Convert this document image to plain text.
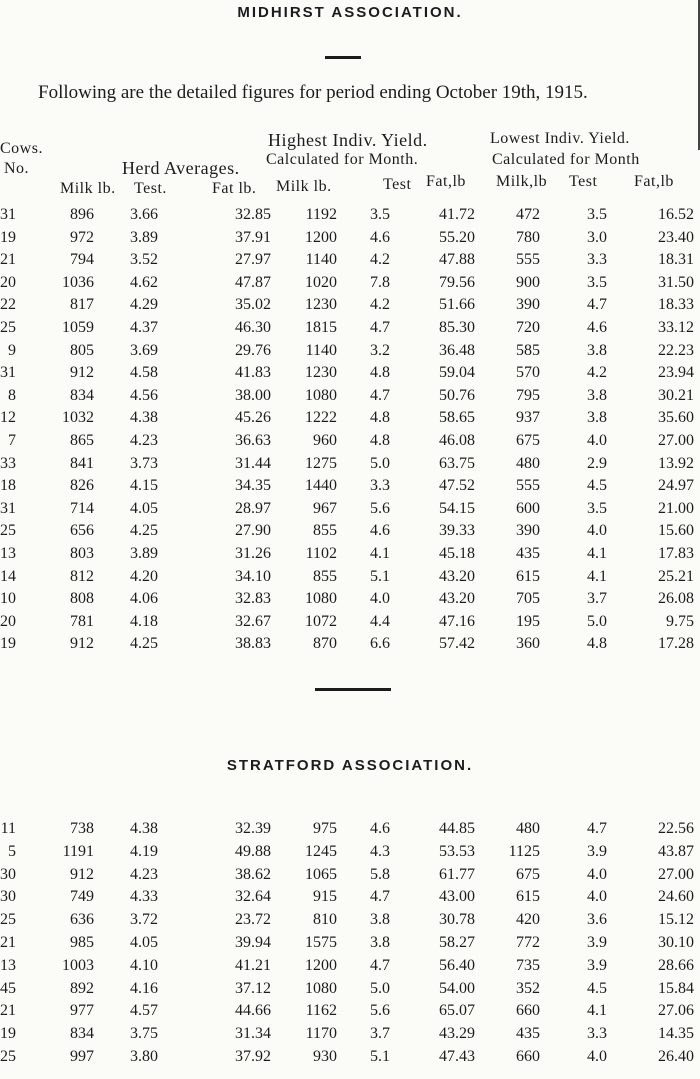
MIDHIRST ASSOCIATION.
Following are the detailed figures for period ending October 19th, 1915.
Cows.
No.	Herd Averages.
Highest Indiv. Yield.
Calculated for Month.
Lowest Indiv. Yield.
Calculated for Month
Milk lb. Test.	Fat lb. Milk lb.	Test Fat,lb Milk,lb Test Fat,lb
31	896 3.66	32.85 1192 3.5	41.72	472	3.5	16.52
19	972 3.89	37.91 1200 4.6	55.20	780	3.0	23.40
21	794 3.52	27.97 1140 4.2	47.88	555	3.3	18.31
20	1036 4.62	47.87 1020 7.8	79.56	900	3.5	31.50
22	817 4.29	35.02 1230 4.2	51.66	390	4.7	18.33
25	1059 4.37	46.30 1815 4.7	85.30	720	4.6	33.12
9	805 3.69	29.76 1140 3.2	36.48	585	3.8	22.23
31	912 4.58	41.83 1230 4.8	59.04	570	4.2	23.94
8	834 4.56	38.00 1080 4.7	50.76	795	3.8	30.21
12	1032 4.38	45.26 1222 4.8	58.65	937	3.8	35.60
7	865 4.23	36.63	960 4.8	46.08	675	4.0	27.00
33	841 3.73	31.44 1275 5.0	63.75	480	2.9	13.92
18	826 4.15	34.35 1440 3.3	47.52	555	4.5	24.97
31	714 4.05	28.97	967 5.6	54.15	600	3.5	21.00
25	656 4.25	27.90	855 4.6	39.33	390	4.0	15.60
13	803 3.89	31.26 1102 4.1	45.18	435	4.1	17.83
14	812 4.20	34.10	855 5.1	43.20	615	4.1	25.21
10	808 4.06	32.83 1080 4.0	43.20	705	3.7	26.08
20	781 4.18	32.67 1072 4.4	47.16	195	5.0	9.75
19	912 4.25	38.83	870 6.6	57.42	360	4.8	17.28
STRATFORD ASSOCIATION.
11	738 4.38	32.39	975 4.6	44.85	480	4.7	22.56
5	1191 4.19	49.88 1245 4.3	53.53 1125	3.9	43.87
30	912 4.23	38.62 1065 5.8	61.77	675	4.0	27.00
30	749 4.33	32.64	915 4.7	43.00	615	4.0	24.60
25	636 3.72	23.72	810 3.8	30.78	420	3.6	15.12
21	985 4.05	39.94 1575 3.8	58.27	772	3.9	30.10
13	1003 4.10	41.21 1200 4.7	56.40	735	3.9	28.66
45	892 4.16	37.12 1080 5.0	54.00	352	4.5	15.84
21	977 4.57	44.66 1162 5.6	65.07	660	4.1	27.06
19	834 3.75	31.34 1170 3.7	43.29	435	3.3	14.35
25	997 3.80	37.92	930 5.1	47.43	660	4.0	26.40
